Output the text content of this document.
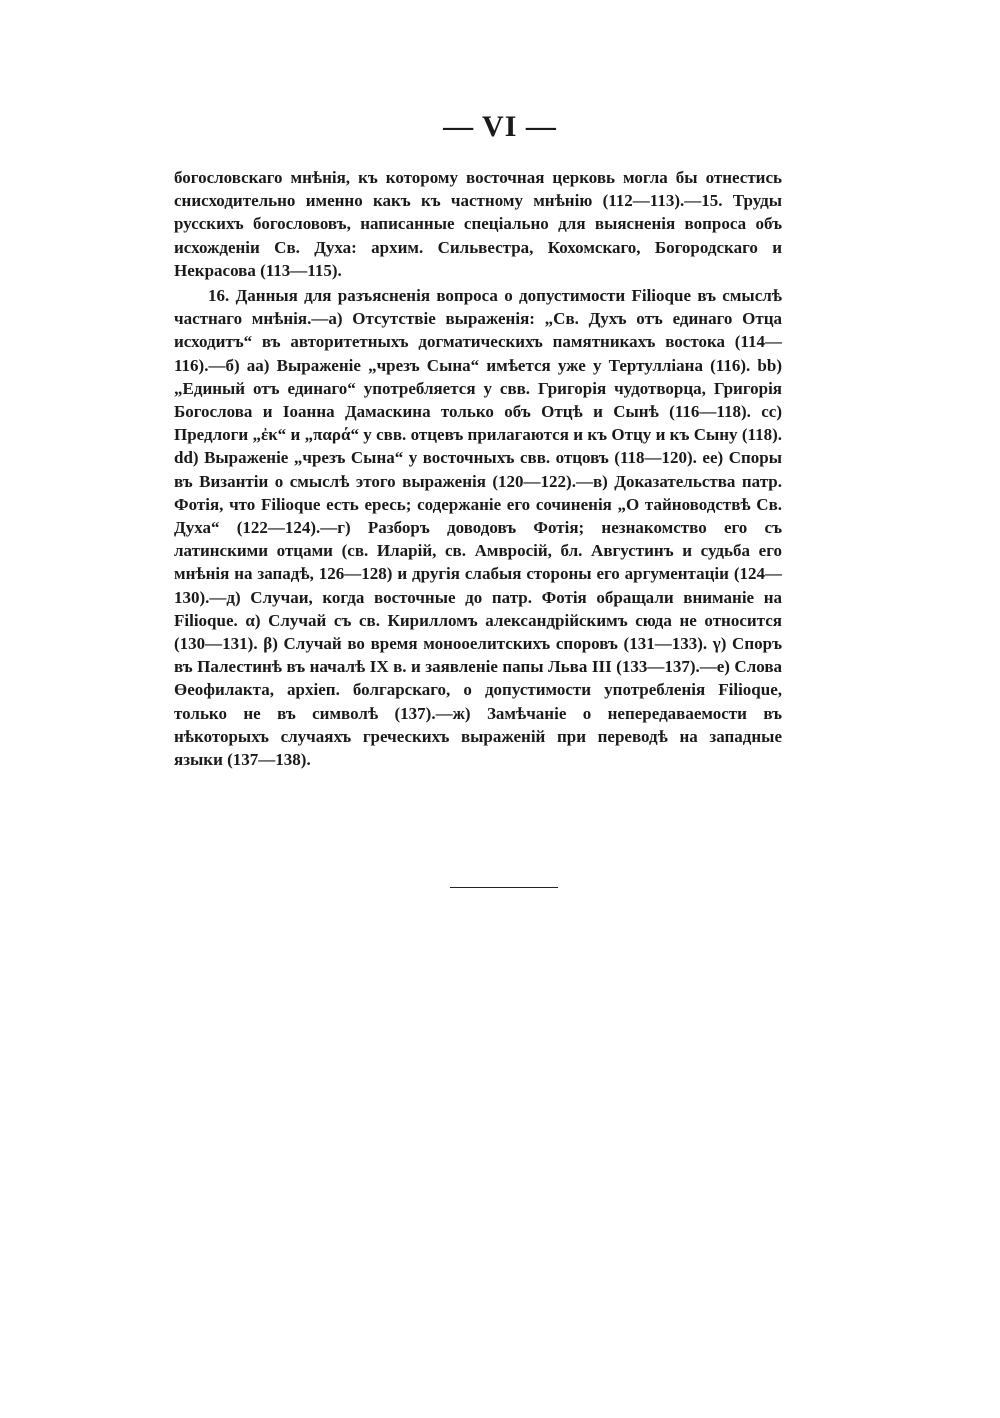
— VI —

богословскаго мнѣнія, къ которому восточная церковь могла бы отнестись снисходительно именно какъ къ частному мнѣнію (112—113).—15. Труды русскихъ богослововъ, написанные спеціально для выясненія вопроса объ исхожденіи Св. Духа: архим. Сильвестра, Кохомскаго, Богородскаго и Некрасова (113—115).

16. Данныя для разъясненія вопроса о допустимости Filioque въ смыслѣ частнаго мнѣнія.—а) Отсутствіе выраженія: „Св. Духъ отъ единаго Отца исходитъ“ въ авторитетныхъ догматическихъ памятникахъ востока (114—116).—б) аа) Выраженіе „чрезъ Сына“ имѣется уже у Тертулліана (116). bb) „Единый отъ единаго“ употребляется у свв. Григорія чудотворца, Григорія Богослова и Іоанна Дамаскина только объ Отцѣ и Сынѣ (116—118). сс) Предлоги „ἐκ“ и „παρά“ у свв. отцевъ прилагаются и къ Отцу и къ Сыну (118). dd) Выраженіе „чрезъ Сына“ у восточныхъ свв. отцовъ (118—120). ее) Споры въ Византіи о смыслѣ этого выраженія (120—122).—в) Доказательства патр. Фотія, что Filioque есть ересь; содержаніе его сочиненія „О тайноводствѣ Св. Духа“ (122—124).—г) Разборъ доводовъ Фотія; незнакомство его съ латинскими отцами (св. Иларій, св. Амвросій, бл. Августинъ и судьба его мнѣнія на западѣ, 126—128) и другія слабыя стороны его аргументаціи (124—130).—д) Случаи, когда восточные до патр. Фотія обращали вниманіе на Filioque. α) Случай съ св. Кирилломъ александрійскимъ сюда не относится (130—131). β) Случай во время монооелитскихъ споровъ (131—133). γ) Споръ въ Палестинѣ въ началѣ IX в. и заявленіе папы Льва III (133—137).—е) Слова Өеофилакта, архіеп. болгарскаго, о допустимости употребленія Filioque, только не въ символѣ (137).—ж) Замѣчаніе о непередаваемости въ нѣкоторыхъ случаяхъ греческихъ выраженій при переводѣ на западные языки (137—138).
